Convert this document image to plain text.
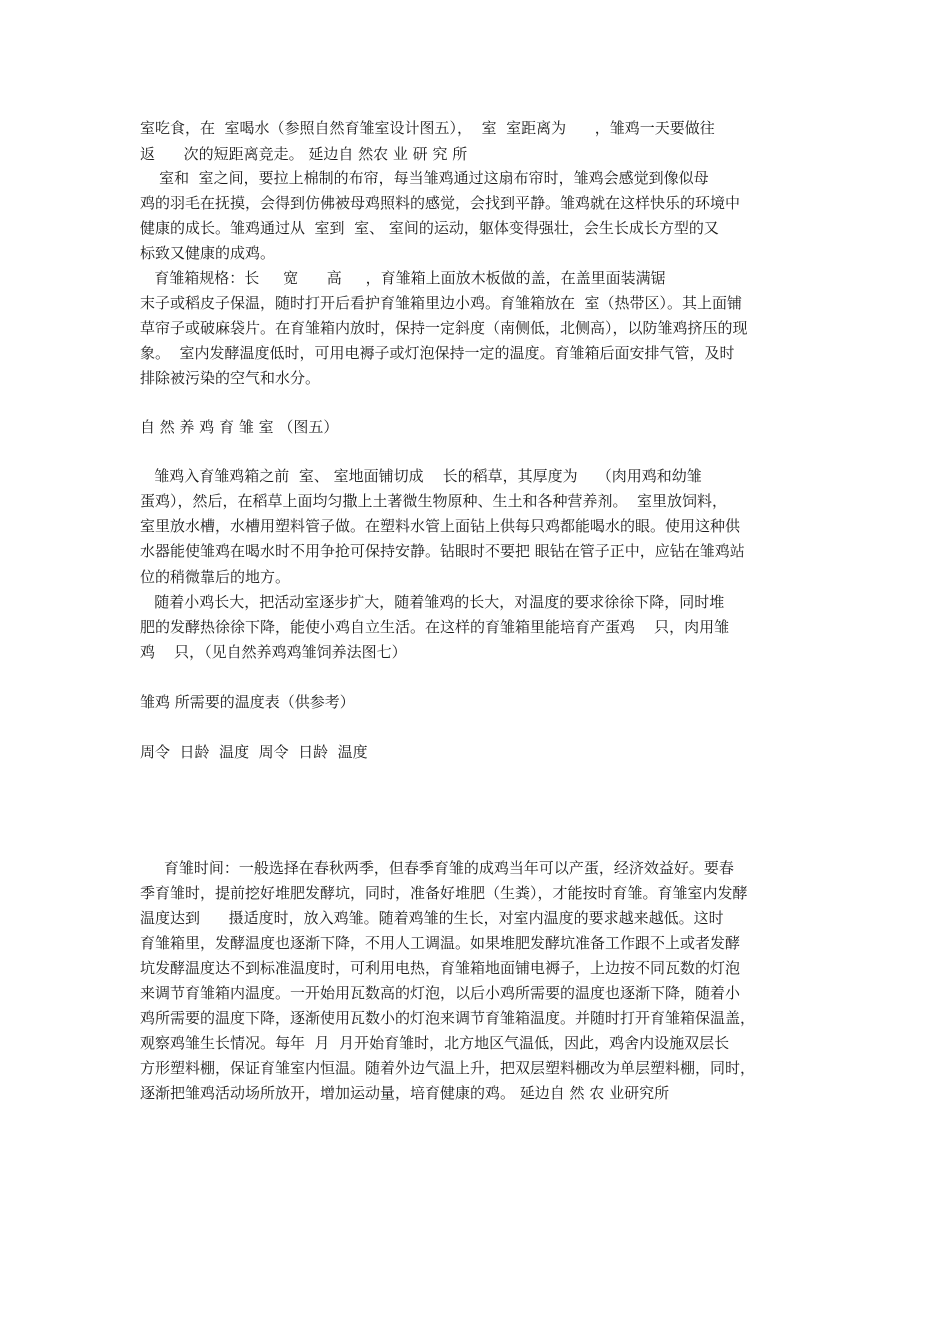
室吃食，在  室喝水（参照自然育雏室设计图五），  室  室距离为      ，雏鸡一天要做往
返      次的短距离竞走。 延边自 然农 业 研 究 所
室和  室之间，要拉上棉制的布帘，每当雏鸡通过这扇布帘时，雏鸡会感觉到像似母
鸡的羽毛在抚摸，会得到仿佛被母鸡照料的感觉，会找到平静。雏鸡就在这样快乐的环境中
健康的成长。雏鸡通过从  室到  室、 室间的运动，躯体变得强壮，会生长成长方型的又
标致又健康的成鸡。
育雏箱规格：长     宽      高     ，育雏箱上面放木板做的盖，在盖里面装满锯
末子或稻皮子保温，随时打开后看护育雏箱里边小鸡。育雏箱放在  室（热带区）。其上面铺
草帘子或破麻袋片。在育雏箱内放时，保持一定斜度（南侧低，北侧高），以防雏鸡挤压的现
象。  室内发酵温度低时，可用电褥子或灯泡保持一定的温度。育雏箱后面安排气管，及时
排除被污染的空气和水分。
自 然 养 鸡 育 雏 室 （图五）
雏鸡入育雏鸡箱之前  室、 室地面铺切成    长的稻草，其厚度为    （肉用鸡和幼雏
蛋鸡），然后，在稻草上面均匀撒上土著微生物原种、生土和各种营养剂。  室里放饲料，
室里放水槽，水槽用塑料管子做。在塑料水管上面钻上供每只鸡都能喝水的眼。使用这种供
水器能使雏鸡在喝水时不用争抢可保持安静。钻眼时不要把 眼钻在管子正中，应钻在雏鸡站
位的稍微靠后的地方。
随着小鸡长大，把活动室逐步扩大，随着雏鸡的长大，对温度的要求徐徐下降，同时堆
肥的发酵热徐徐下降，能使小鸡自立生活。在这样的育雏箱里能培育产蛋鸡    只，肉用雏
鸡    只，（见自然养鸡鸡雏饲养法图七）
雏鸡 所需要的温度表（供参考）
周令  日龄  温度  周令  日龄  温度
育雏时间：一般选择在春秋两季，但春季育雏的成鸡当年可以产蛋，经济效益好。要春
季育雏时，提前挖好堆肥发酵坑，同时，准备好堆肥（生粪），才能按时育雏。育雏室内发酵
温度达到      摄适度时，放入鸡雏。随着鸡雏的生长，对室内温度的要求越来越低。这时
育雏箱里，发酵温度也逐渐下降，不用人工调温。如果堆肥发酵坑准备工作跟不上或者发酵
坑发酵温度达不到标准温度时，可利用电热，育雏箱地面铺电褥子，上边按不同瓦数的灯泡
来调节育雏箱内温度。一开始用瓦数高的灯泡，以后小鸡所需要的温度也逐渐下降，随着小
鸡所需要的温度下降，逐渐使用瓦数小的灯泡来调节育雏箱温度。并随时打开育雏箱保温盖，
观察鸡雏生长情况。每年  月  月开始育雏时，北方地区气温低，因此，鸡舍内设施双层长
方形塑料棚，保证育雏室内恒温。随着外边气温上升，把双层塑料棚改为单层塑料棚，同时，
逐渐把雏鸡活动场所放开，增加运动量，培育健康的鸡。 延边自 然 农 业研究所
